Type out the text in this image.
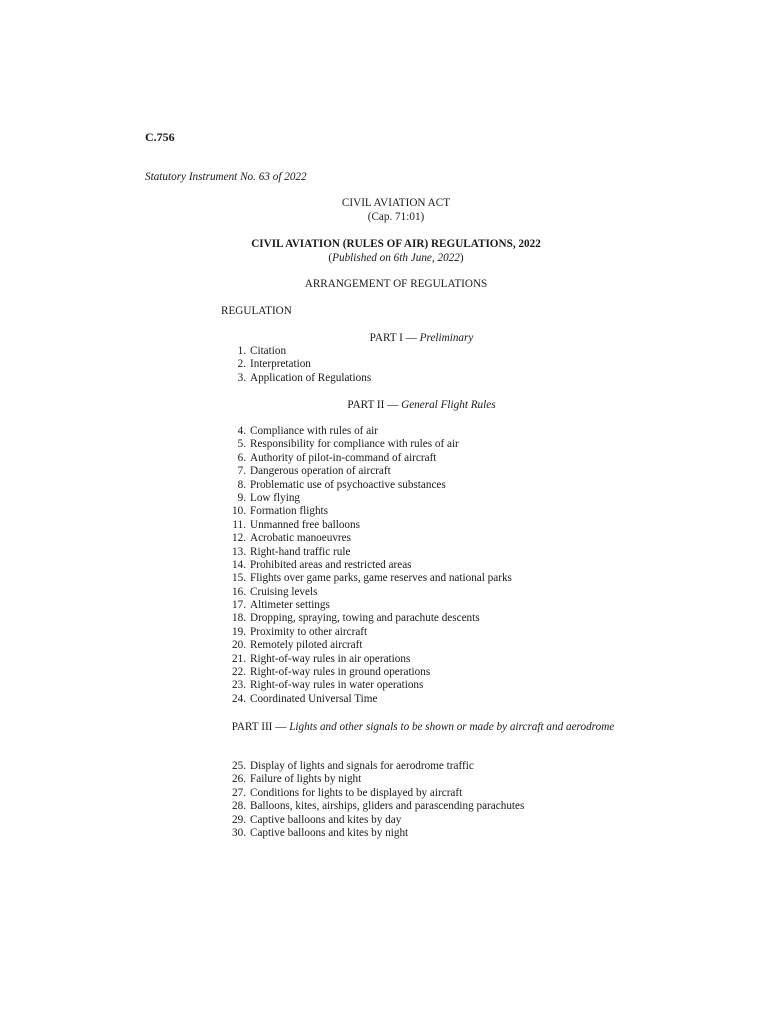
C.756
Statutory Instrument No. 63 of 2022
CIVIL AVIATION ACT
(Cap. 71:01)
CIVIL AVIATION (RULES OF AIR) REGULATIONS, 2022
(Published on 6th June, 2022)
ARRANGEMENT OF REGULATIONS
REGULATION
PART I — Preliminary
1. Citation
2. Interpretation
3. Application of Regulations
PART II — General Flight Rules
4. Compliance with rules of air
5. Responsibility for compliance with rules of air
6. Authority of pilot-in-command of aircraft
7. Dangerous operation of aircraft
8. Problematic use of psychoactive substances
9. Low flying
10. Formation flights
11. Unmanned free balloons
12. Acrobatic manoeuvres
13. Right-hand traffic rule
14. Prohibited areas and restricted areas
15. Flights over game parks, game reserves and national parks
16. Cruising levels
17. Altimeter settings
18. Dropping, spraying, towing and parachute descents
19. Proximity to other aircraft
20. Remotely piloted aircraft
21. Right-of-way rules in air operations
22. Right-of-way rules in ground operations
23. Right-of-way rules in water operations
24. Coordinated Universal Time
PART III — Lights and other signals to be shown or made by aircraft and aerodrome
25. Display of lights and signals for aerodrome traffic
26. Failure of lights by night
27. Conditions for lights to be displayed by aircraft
28. Balloons, kites, airships, gliders and parascending parachutes
29. Captive balloons and kites by day
30. Captive balloons and kites by night
